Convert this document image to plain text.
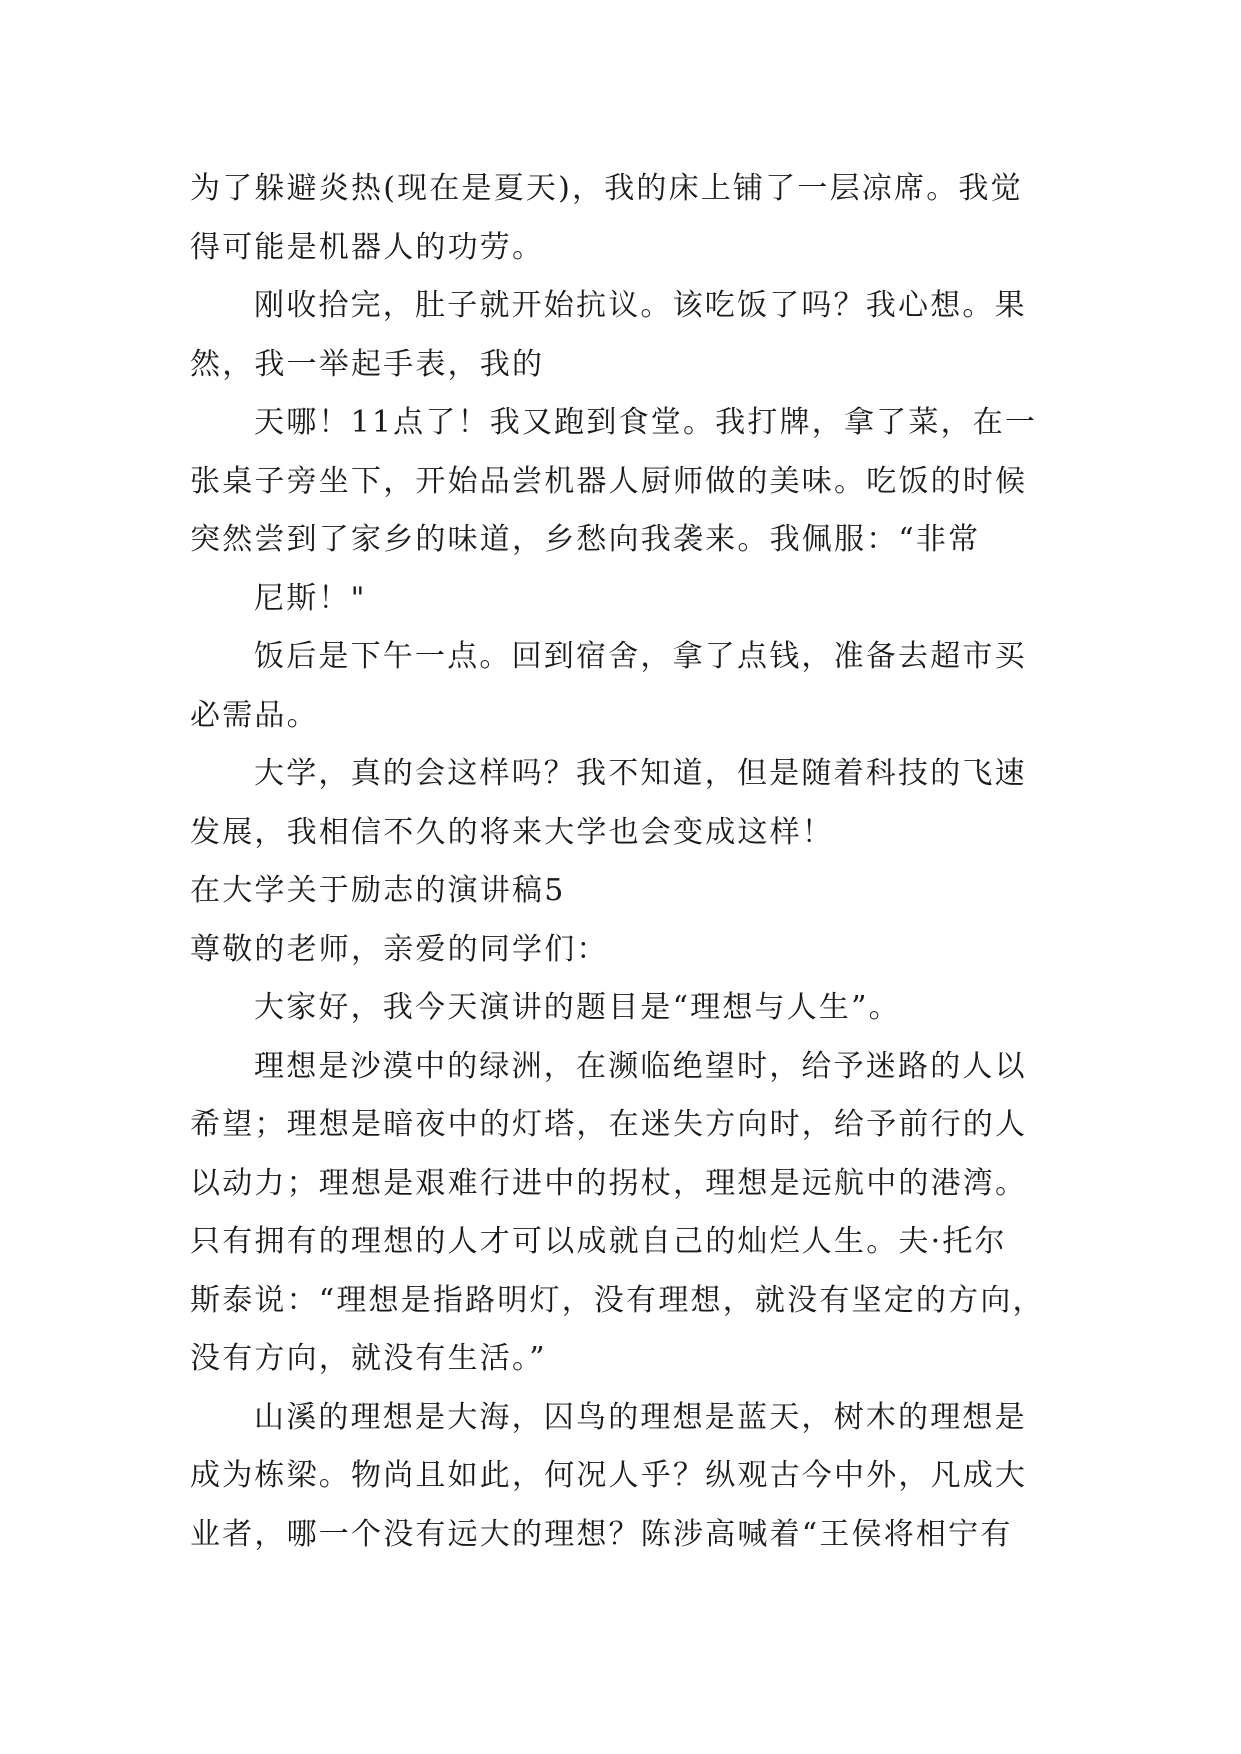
为了躲避炎热(现在是夏天)，我的床上铺了一层凉席。我觉
得可能是机器人的功劳。
刚收拾完，肚子就开始抗议。该吃饭了吗？我心想。果
然，我一举起手表，我的
天哪！11点了！我又跑到食堂。我打牌，拿了菜，在一
张桌子旁坐下，开始品尝机器人厨师做的美味。吃饭的时候
突然尝到了家乡的味道，乡愁向我袭来。我佩服：“非常
尼斯！"
饭后是下午一点。回到宿舍，拿了点钱，准备去超市买
必需品。
大学，真的会这样吗？我不知道，但是随着科技的飞速
发展，我相信不久的将来大学也会变成这样！
在大学关于励志的演讲稿5
尊敬的老师，亲爱的同学们：
大家好，我今天演讲的题目是“理想与人生”。
理想是沙漠中的绿洲，在濒临绝望时，给予迷路的人以
希望；理想是暗夜中的灯塔，在迷失方向时，给予前行的人
以动力；理想是艰难行进中的拐杖，理想是远航中的港湾。
只有拥有的理想的人才可以成就自己的灿烂人生。夫·托尔
斯泰说：“理想是指路明灯，没有理想，就没有坚定的方向，
没有方向，就没有生活。”
山溪的理想是大海，囚鸟的理想是蓝天，树木的理想是
成为栋梁。物尚且如此，何况人乎？纵观古今中外，凡成大
业者，哪一个没有远大的理想？陈涉高喊着“王侯将相宁有
